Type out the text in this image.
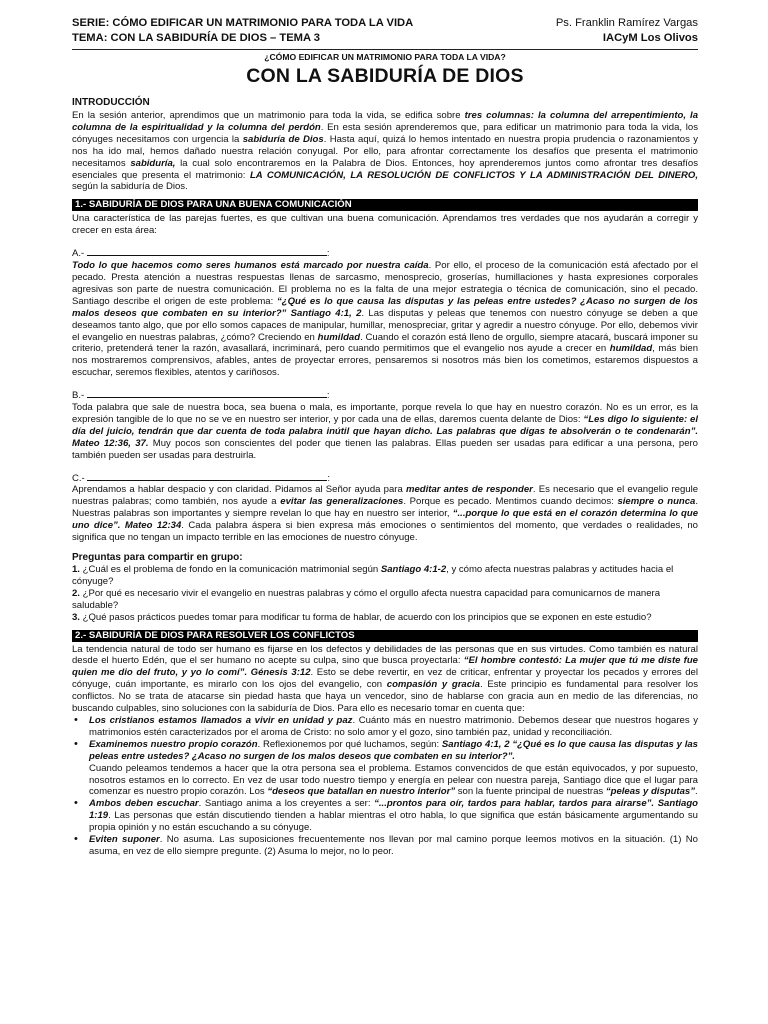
SERIE: CÓMO EDIFICAR UN MATRIMONIO PARA TODA LA VIDA	Ps. Franklin Ramírez Vargas
TEMA: CON LA SABIDURÍA DE DIOS – TEMA 3	IACyM Los Olivos
¿CÓMO EDIFICAR UN MATRIMONIO PARA TODA LA VIDA?
CON LA SABIDURÍA DE DIOS
INTRODUCCIÓN
En la sesión anterior, aprendimos que un matrimonio para toda la vida, se edifica sobre tres columnas: la columna del arrepentimiento, la columna de la espiritualidad y la columna del perdón. En esta sesión aprenderemos que, para edificar un matrimonio para toda la vida, los cónyuges necesitamos con urgencia la sabiduría de Dios. Hasta aquí, quizá lo hemos intentado en nuestra propia prudencia o razonamientos y nos ha ido mal, hemos dañado nuestra relación conyugal. Por ello, para afrontar correctamente los desafíos que presenta el matrimonio necesitamos sabiduría, la cual solo encontraremos en la Palabra de Dios. Entonces, hoy aprenderemos juntos como afrontar tres desafíos esenciales que presenta el matrimonio: LA COMUNICACIÓN, LA RESOLUCIÓN DE CONFLICTOS Y LA ADMINISTRACIÓN DEL DINERO, según la sabiduría de Dios.
1.- SABIDURÍA DE DIOS PARA UNA BUENA COMUNICACIÓN
Una característica de las parejas fuertes, es que cultivan una buena comunicación. Aprendamos tres verdades que nos ayudarán a corregir y crecer en esta área:
A.-	:
Todo lo que hacemos como seres humanos está marcado por nuestra caída. Por ello, el proceso de la comunicación está afectado por el pecado. Presta atención a nuestras respuestas llenas de sarcasmo, menosprecio, groserías, humillaciones y hasta expresiones corporales agresivas son parte de nuestra comunicación. El problema no es la falta de una mejor estrategia o técnica de comunicación, sino el pecado. Santiago describe el origen de este problema: “¿Qué es lo que causa las disputas y las peleas entre ustedes? ¿Acaso no surgen de los malos deseos que combaten en su interior?” Santiago 4:1, 2. Las disputas y peleas que tenemos con nuestro cónyuge se deben a que deseamos tanto algo, que por ello somos capaces de manipular, humillar, menospreciar, gritar y agredir a nuestro cónyuge. Por ello, debemos vivir el evangelio en nuestras palabras, ¿cómo? Creciendo en humildad. Cuando el corazón está lleno de orgullo, siempre atacará, buscará imponer su criterio, pretenderá tener la razón, avasallará, incriminará, pero cuando permitimos que el evangelio nos ayude a crecer en humildad, más bien nos mostraremos comprensivos, afables, antes de proyectar errores, pensaremos si nosotros más bien los cometimos, estaremos dispuestos a escuchar, seremos flexibles, atentos y cariñosos.
B.-	:
Toda palabra que sale de nuestra boca, sea buena o mala, es importante, porque revela lo que hay en nuestro corazón. No es un error, es la expresión tangible de lo que no se ve en nuestro ser interior, y por cada una de ellas, daremos cuenta delante de Dios: “Les digo lo siguiente: el día del juicio, tendrán que dar cuenta de toda palabra inútil que hayan dicho. Las palabras que digas te absolverán o te condenarán”. Mateo 12:36, 37. Muy pocos son conscientes del poder que tienen las palabras. Ellas pueden ser usadas para edificar a una persona, pero también pueden ser usadas para destruirla.
C.-	:
Aprendamos a hablar despacio y con claridad. Pidamos al Señor ayuda para meditar antes de responder. Es necesario que el evangelio regule nuestras palabras; como también, nos ayude a evitar las generalizaciones. Porque es pecado. Mentimos cuando decimos: siempre o nunca. Nuestras palabras son importantes y siempre revelan lo que hay en nuestro ser interior, “...porque lo que está en el corazón determina lo que uno dice”. Mateo 12:34. Cada palabra áspera si bien expresa más emociones o sentimientos del momento, que verdades o realidades, no significa que no tengan un impacto terrible en las emociones de nuestro cónyuge.
Preguntas para compartir en grupo:
1. ¿Cuál es el problema de fondo en la comunicación matrimonial según Santiago 4:1-2, y cómo afecta nuestras palabras y actitudes hacia el cónyuge?
2. ¿Por qué es necesario vivir el evangelio en nuestras palabras y cómo el orgullo afecta nuestra capacidad para comunicarnos de manera saludable?
3. ¿Qué pasos prácticos puedes tomar para modificar tu forma de hablar, de acuerdo con los principios que se exponen en este estudio?
2.- SABIDURÍA DE DIOS PARA RESOLVER LOS CONFLICTOS
La tendencia natural de todo ser humano es fijarse en los defectos y debilidades de las personas que en sus virtudes. Como también es natural desde el huerto Edén, que el ser humano no acepte su culpa, sino que busca proyectarla: “El hombre contestó: La mujer que tú me diste fue quien me dio del fruto, y yo lo comí”. Génesis 3:12. Esto se debe revertir, en vez de criticar, enfrentar y proyectar los pecados y errores del cónyuge, cuán importante, es mirarlo con los ojos del evangelio, con compasión y gracia. Este principio es fundamental para resolver los conflictos. No se trata de atacarse sin piedad hasta que haya un vencedor, sino de hablarse con gracia aun en medio de las diferencias, no buscando culpables, sino soluciones con la sabiduría de Dios. Para ello es necesario tomar en cuenta que:
• Los cristianos estamos llamados a vivir en unidad y paz. Cuánto más en nuestro matrimonio. Debemos desear que nuestros hogares y matrimonios estén caracterizados por el aroma de Cristo: no solo amor y el gozo, sino también paz, unidad y reconciliación.
• Examinemos nuestro propio corazón. Reflexionemos por qué luchamos, según: Santiago 4:1, 2 “¿Qué es lo que causa las disputas y las peleas entre ustedes? ¿Acaso no surgen de los malos deseos que combaten en su interior?”.
Cuando peleamos tendemos a hacer que la otra persona sea el problema. Estamos convencidos de que están equivocados, y por supuesto, nosotros estamos en lo correcto. En vez de usar todo nuestro tiempo y energía en pelear con nuestra pareja, Santiago dice que el lugar para comenzar es nuestro propio corazón. Los “deseos que batallan en nuestro interior” son la fuente principal de nuestras “peleas y disputas”.
• Ambos deben escuchar. Santiago anima a los creyentes a ser: “...prontos para oír, tardos para hablar, tardos para airarse”. Santiago 1:19. Las personas que están discutiendo tienden a hablar mientras el otro habla, lo que significa que están básicamente argumentando su propia opinión y no están escuchando a su cónyuge.
• Eviten suponer. No asuma. Las suposiciones frecuentemente nos llevan por mal camino porque leemos motivos en la situación. (1) No asuma, en vez de ello siempre pregunte. (2) Asuma lo mejor, no lo peor.
